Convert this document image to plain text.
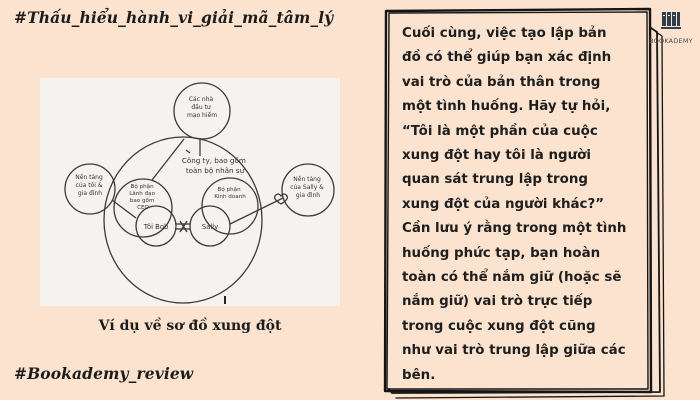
#Thấu_hiểu_hành_vi_giải_mã_tâm_lý
Các nhà đầu tư mạo hiểm
Công ty, bao gồm toàn bộ nhân sự
Nền tảng của tôi & gia đình
Nền tảng của Sally & gia đình
Bộ phận Lãnh đạo bao gồm CEO
Bộ phận Kinh doanh
Tôi Bob	Sally
Ví dụ về sơ đồ xung đột
#Bookademy_review
Cuối cùng, việc tạo lập bản đồ có thể giúp bạn xác định vai trò của bản thân trong một tình huống. Hãy tự hỏi, “Tôi là một phần của cuộc xung đột hay tôi là người quan sát trung lập trong xung đột của người khác?” Cần lưu ý rằng trong một tình huống phức tạp, bạn hoàn toàn có thể nắm giữ (hoặc sẽ nắm giữ) vai trò trực tiếp trong cuộc xung đột cũng như vai trò trung lập giữa các bên.
BOOKADEMY
